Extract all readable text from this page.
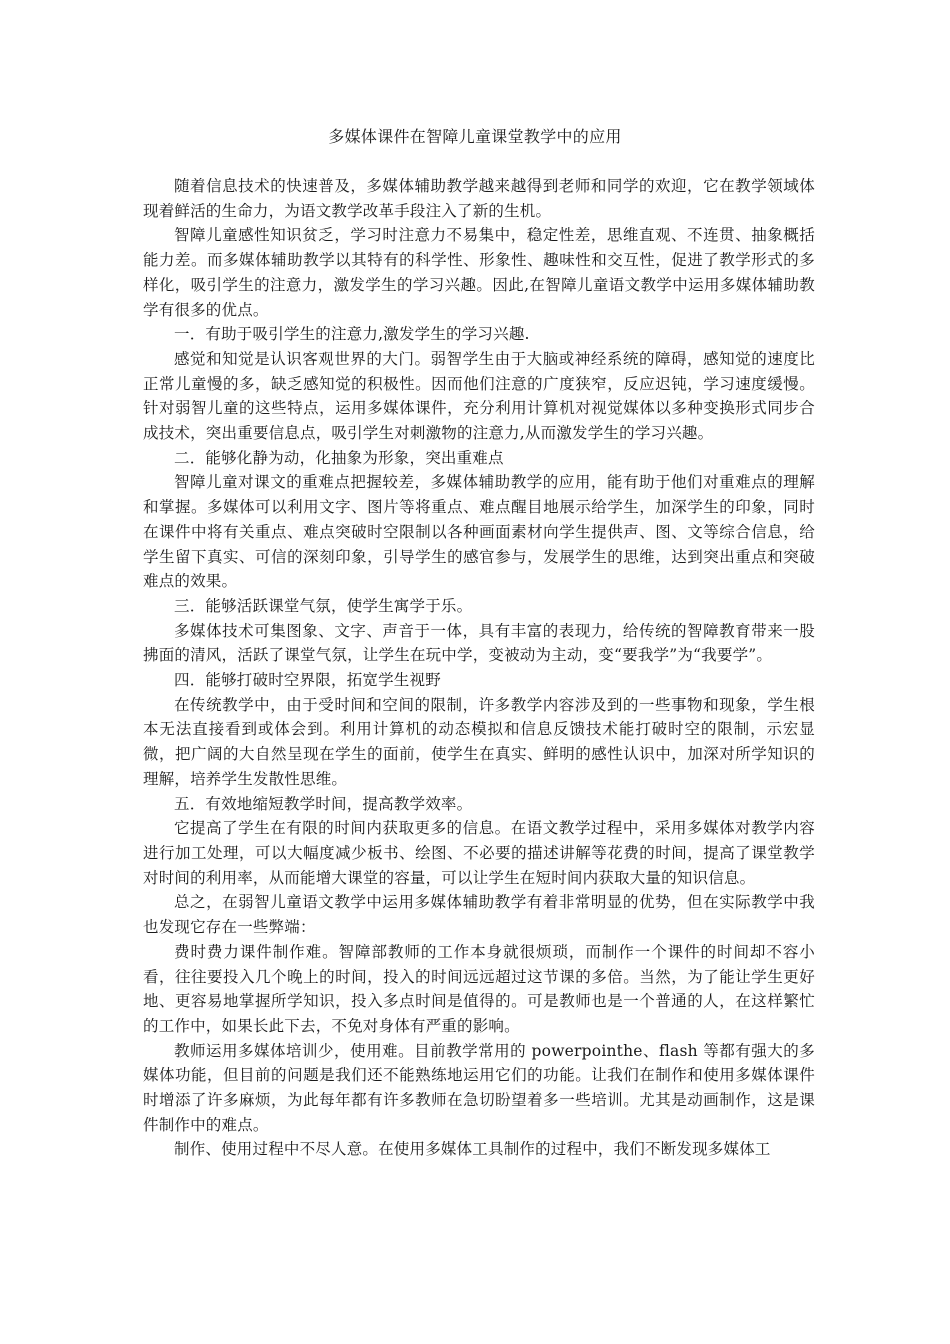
多媒体课件在智障儿童课堂教学中的应用

随着信息技术的快速普及，多媒体辅助教学越来越得到老师和同学的欢迎，它在教学领域体现着鲜活的生命力，为语文教学改革手段注入了新的生机。

智障儿童感性知识贫乏，学习时注意力不易集中，稳定性差，思维直观、不连贯、抽象概括能力差。而多媒体辅助教学以其特有的科学性、形象性、趣味性和交互性，促进了教学形式的多样化，吸引学生的注意力，激发学生的学习兴趣。因此,在智障儿童语文教学中运用多媒体辅助教学有很多的优点。

一．有助于吸引学生的注意力,激发学生的学习兴趣.

感觉和知觉是认识客观世界的大门。弱智学生由于大脑或神经系统的障碍，感知觉的速度比正常儿童慢的多，缺乏感知觉的积极性。因而他们注意的广度狭窄，反应迟钝，学习速度缓慢。针对弱智儿童的这些特点，运用多媒体课件，充分利用计算机对视觉媒体以多种变换形式同步合成技术，突出重要信息点，吸引学生对刺激物的注意力,从而激发学生的学习兴趣。

二．能够化静为动，化抽象为形象，突出重难点

智障儿童对课文的重难点把握较差，多媒体辅助教学的应用，能有助于他们对重难点的理解和掌握。多媒体可以利用文字、图片等将重点、难点醒目地展示给学生，加深学生的印象，同时在课件中将有关重点、难点突破时空限制以各种画面素材向学生提供声、图、文等综合信息，给学生留下真实、可信的深刻印象，引导学生的感官参与，发展学生的思维，达到突出重点和突破难点的效果。

三．能够活跃课堂气氛，使学生寓学于乐。

多媒体技术可集图象、文字、声音于一体，具有丰富的表现力，给传统的智障教育带来一股拂面的清风，活跃了课堂气氛，让学生在玩中学，变被动为主动，变“要我学”为“我要学”。

四．能够打破时空界限，拓宽学生视野

在传统教学中，由于受时间和空间的限制，许多教学内容涉及到的一些事物和现象，学生根本无法直接看到或体会到。利用计算机的动态模拟和信息反馈技术能打破时空的限制，示宏显微，把广阔的大自然呈现在学生的面前，使学生在真实、鲜明的感性认识中，加深对所学知识的理解，培养学生发散性思维。

五．有效地缩短教学时间，提高教学效率。

它提高了学生在有限的时间内获取更多的信息。在语文教学过程中，采用多媒体对教学内容进行加工处理，可以大幅度减少板书、绘图、不必要的描述讲解等花费的时间，提高了课堂教学对时间的利用率，从而能增大课堂的容量，可以让学生在短时间内获取大量的知识信息。

总之，在弱智儿童语文教学中运用多媒体辅助教学有着非常明显的优势，但在实际教学中我也发现它存在一些弊端：

费时费力课件制作难。智障部教师的工作本身就很烦琐，而制作一个课件的时间却不容小看，往往要投入几个晚上的时间，投入的时间远远超过这节课的多倍。当然，为了能让学生更好地、更容易地掌握所学知识，投入多点时间是值得的。可是教师也是一个普通的人，在这样繁忙的工作中，如果长此下去，不免对身体有严重的影响。

教师运用多媒体培训少，使用难。目前教学常用的 powerpointhe、flash 等都有强大的多媒体功能，但目前的问题是我们还不能熟练地运用它们的功能。让我们在制作和使用多媒体课件时增添了许多麻烦，为此每年都有许多教师在急切盼望着多一些培训。尤其是动画制作，这是课件制作中的难点。

制作、使用过程中不尽人意。在使用多媒体工具制作的过程中，我们不断发现多媒体工
